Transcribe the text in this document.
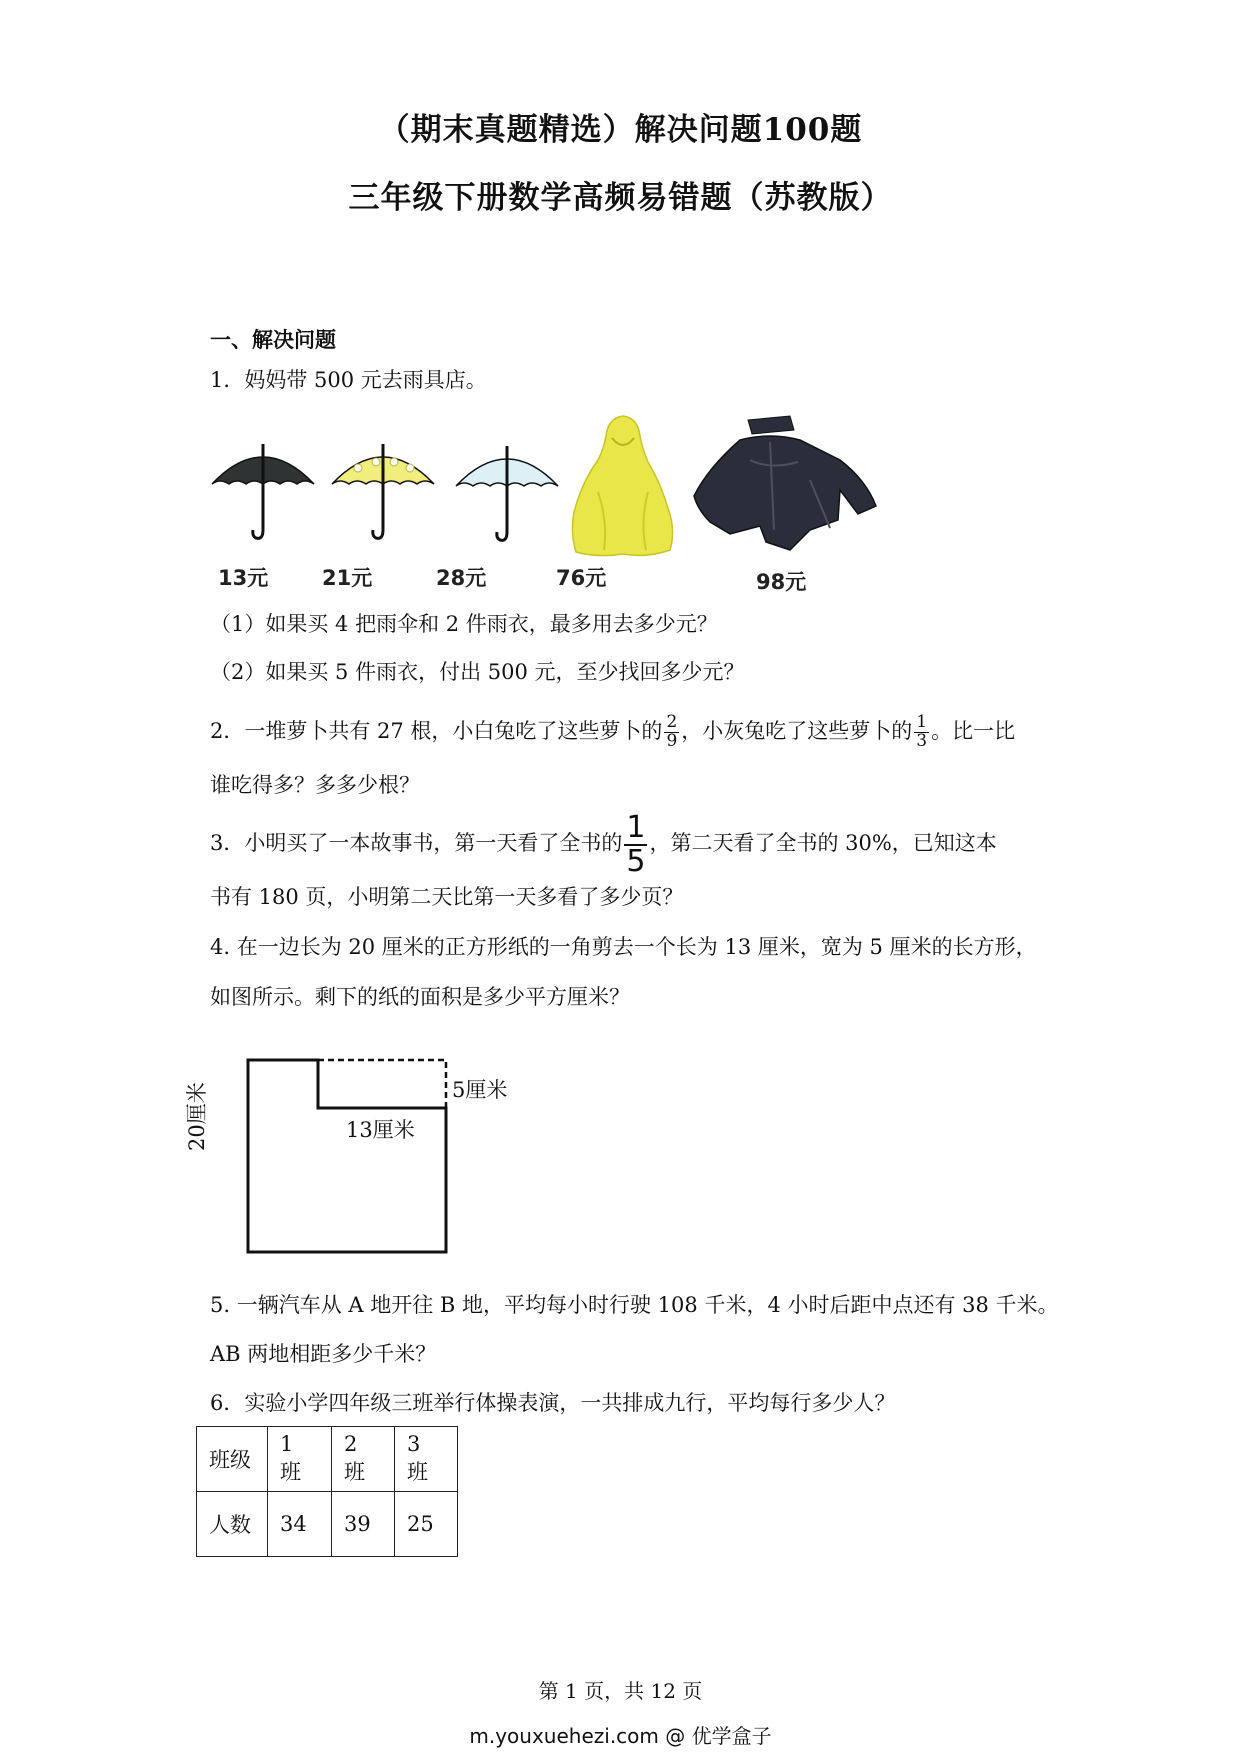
（期末真题精选）解决问题100题
三年级下册数学高频易错题（苏教版）
一、解决问题
1．妈妈带 500 元去雨具店。
13元	21元	28元	76元	98元
（1）如果买 4 把雨伞和 2 件雨衣，最多用去多少元？
（2）如果买 5 件雨衣，付出 500 元，至少找回多少元？
2．一堆萝卜共有 27 根，小白兔吃了这些萝卜的 $\frac{2}{9}$ ，小灰兔吃了这些萝卜的 $\frac{1}{3}$ 。比一比
谁吃得多？多多少根？
3．小明买了一本故事书，第一天看了全书的 $\frac{1}{5}$ ，第二天看了全书的 30%，已知这本
书有 180 页，小明第二天比第一天多看了多少页？
4. 在一边长为 20 厘米的正方形纸的一角剪去一个长为 13 厘米，宽为 5 厘米的长方形，
如图所示。剩下的纸的面积是多少平方厘米？
5厘米
13厘米
20厘米
5. 一辆汽车从 A 地开往 B 地，平均每小时行驶 108 千米，4 小时后距中点还有 38 千米。
AB 两地相距多少千米？
6．实验小学四年级三班举行体操表演，一共排成九行，平均每行多少人？
班级	1 班	2 班	3 班
人数	34	39	25
第 1 页，共 12 页
m.youxuehezi.com @ 优学盒子
